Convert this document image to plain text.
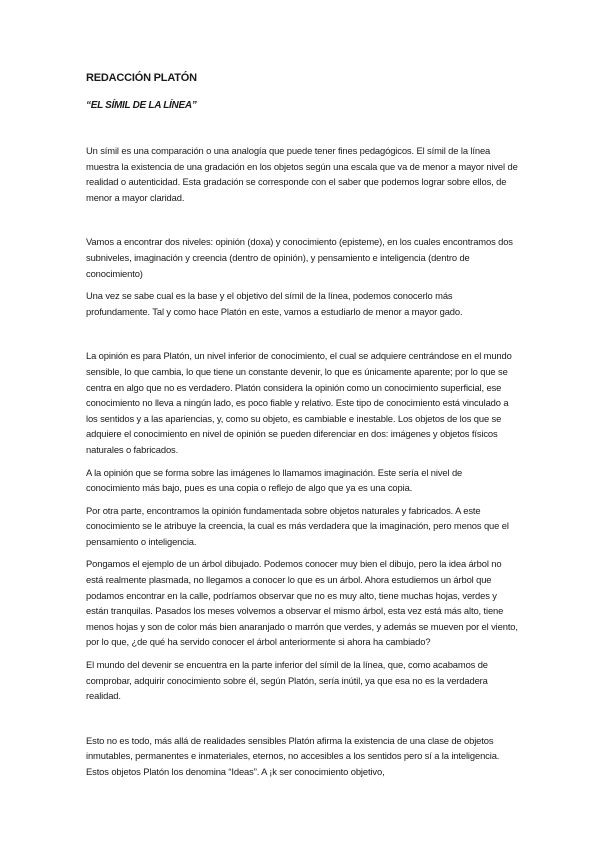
REDACCIÓN PLATÓN
“EL SÍMIL DE LA LÍNEA”

Un símil es una comparación o una analogía que puede tener fines pedagógicos. El símil de la línea muestra la existencia de una gradación en los objetos según una escala que va de menor a mayor nivel de realidad o autenticidad. Esta gradación se corresponde con el saber que podemos lograr sobre ellos, de menor a mayor claridad.

Vamos a encontrar dos niveles: opinión (doxa) y conocimiento (episteme), en los cuales encontramos dos subniveles, imaginación y creencia (dentro de opinión), y pensamiento e inteligencia (dentro de conocimiento)

Una vez se sabe cual es la base y el objetivo del símil de la línea, podemos conocerlo más profundamente. Tal y como hace Platón en este, vamos a estudiarlo de menor a mayor gado.

La opinión es para Platón, un nivel inferior de conocimiento, el cual se adquiere centrándose en el mundo sensible, lo que cambia, lo que tiene un constante devenir, lo que es únicamente aparente; por lo que se centra en algo que no es verdadero. Platón considera la opinión como un conocimiento superficial, ese conocimiento no lleva a ningún lado, es poco fiable y relativo. Este tipo de conocimiento está vinculado a los sentidos y a las apariencias, y, como su objeto, es cambiable e inestable. Los objetos de los que se adquiere el conocimiento en nivel de opinión se pueden diferenciar en dos: imágenes y objetos físicos naturales o fabricados.

A la opinión que se forma sobre las imágenes lo llamamos imaginación. Este sería el nivel de conocimiento más bajo, pues es una copia o reflejo de algo que ya es una copia.

Por otra parte, encontramos la opinión fundamentada sobre objetos naturales y fabricados. A este conocimiento se le atribuye la creencia, la cual es más verdadera que la imaginación, pero menos que el pensamiento o inteligencia.

Pongamos el ejemplo de un árbol dibujado. Podemos conocer muy bien el dibujo, pero la idea árbol no está realmente plasmada, no llegamos a conocer lo que es un árbol. Ahora estudiemos un árbol que podamos encontrar en la calle, podríamos observar que no es muy alto, tiene muchas hojas, verdes y están tranquilas. Pasados los meses volvemos a observar el mismo árbol, esta vez está más alto, tiene menos hojas y son de color más bien anaranjado o marrón que verdes, y además se mueven por el viento, por lo que, ¿de qué ha servido conocer el árbol anteriormente si ahora ha cambiado?

El mundo del devenir se encuentra en la parte inferior del símil de la línea, que, como acabamos de comprobar, adquirir conocimiento sobre él, según Platón, sería inútil, ya que esa no es la verdadera realidad.

Esto no es todo, más allá de realidades sensibles Platón afirma la existencia de una clase de objetos inmutables, permanentes e inmateriales, eternos, no accesibles a los sentidos pero sí a la inteligencia. Estos objetos Platón los denomina “Ideas”. A ¡k ser conocimiento objetivo,
